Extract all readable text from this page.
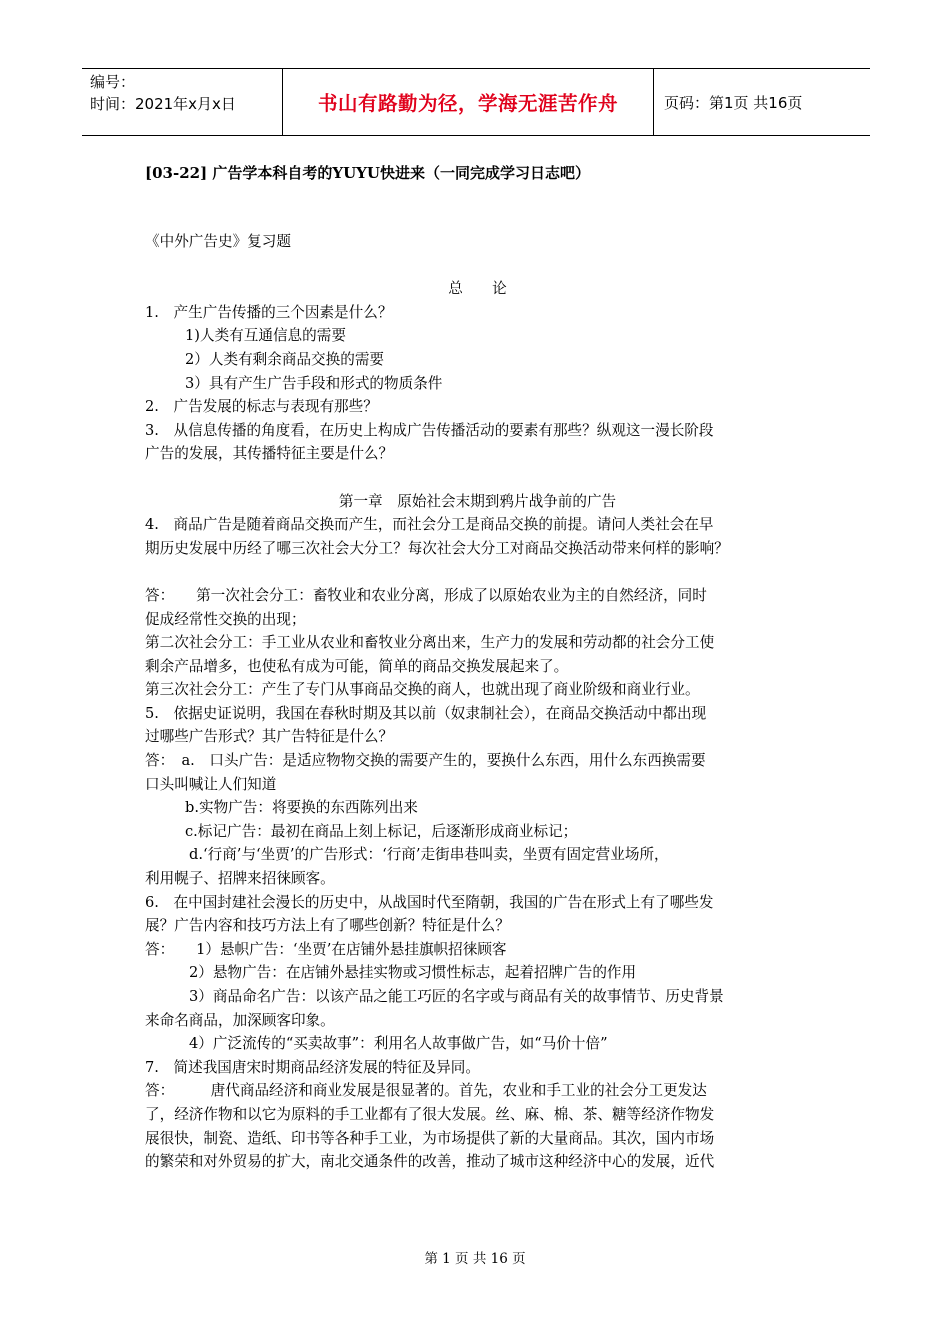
编号：
时间：2021年x月x日	书山有路勤为径，学海无涯苦作舟	页码：第1页 共16页
[03-22] 广告学本科自考的YUYU快进来（一同完成学习日志吧）
《中外广告史》复习题
总　　论
1.　产生广告传播的三个因素是什么？
1)人类有互通信息的需要
2）人类有剩余商品交换的需要
3）具有产生广告手段和形式的物质条件
2.　广告发展的标志与表现有那些？
3.　从信息传播的角度看，在历史上构成广告传播活动的要素有那些？纵观这一漫长阶段
广告的发展，其传播特征主要是什么？
第一章　原始社会末期到鸦片战争前的广告
4.　商品广告是随着商品交换而产生，而社会分工是商品交换的前提。请问人类社会在早
期历史发展中历经了哪三次社会大分工？每次社会大分工对商品交换活动带来何样的影响？
答：　　第一次社会分工：畜牧业和农业分离，形成了以原始农业为主的自然经济，同时
促成经常性交换的出现；
第二次社会分工：手工业从农业和畜牧业分离出来，生产力的发展和劳动都的社会分工使
剩余产品增多，也使私有成为可能，简单的商品交换发展起来了。
第三次社会分工：产生了专门从事商品交换的商人，也就出现了商业阶级和商业行业。
5.　依据史证说明，我国在春秋时期及其以前（奴隶制社会），在商品交换活动中都出现
过哪些广告形式？其广告特征是什么？
答：　a.　口头广告：是适应物物交换的需要产生的，要换什么东西，用什么东西换需要
口头叫喊让人们知道
b.实物广告：将要换的东西陈列出来
c.标记广告：最初在商品上刻上标记，后逐渐形成商业标记；
d.‘行商’与‘坐贾’的广告形式：‘行商’走街串巷叫卖，坐贾有固定营业场所，
利用幌子、招牌来招徕顾客。
6.　在中国封建社会漫长的历史中，从战国时代至隋朝，我国的广告在形式上有了哪些发
展？广告内容和技巧方法上有了哪些创新？特征是什么？
答：　　1）悬帜广告：‘坐贾’在店铺外悬挂旗帜招徕顾客
2）悬物广告：在店铺外悬挂实物或习惯性标志，起着招牌广告的作用
3）商品命名广告：以该产品之能工巧匠的名字或与商品有关的故事情节、历史背景
来命名商品，加深顾客印象。
4）广泛流传的“买卖故事”：利用名人故事做广告，如“马价十倍”
7.　简述我国唐宋时期商品经济发展的特征及异同。
答：　　　唐代商品经济和商业发展是很显著的。首先，农业和手工业的社会分工更发达
了，经济作物和以它为原料的手工业都有了很大发展。丝、麻、棉、茶、糖等经济作物发
展很快，制瓷、造纸、印书等各种手工业，为市场提供了新的大量商品。其次，国内市场
的繁荣和对外贸易的扩大，南北交通条件的改善，推动了城市这种经济中心的发展，近代
第 1 页 共 16 页
